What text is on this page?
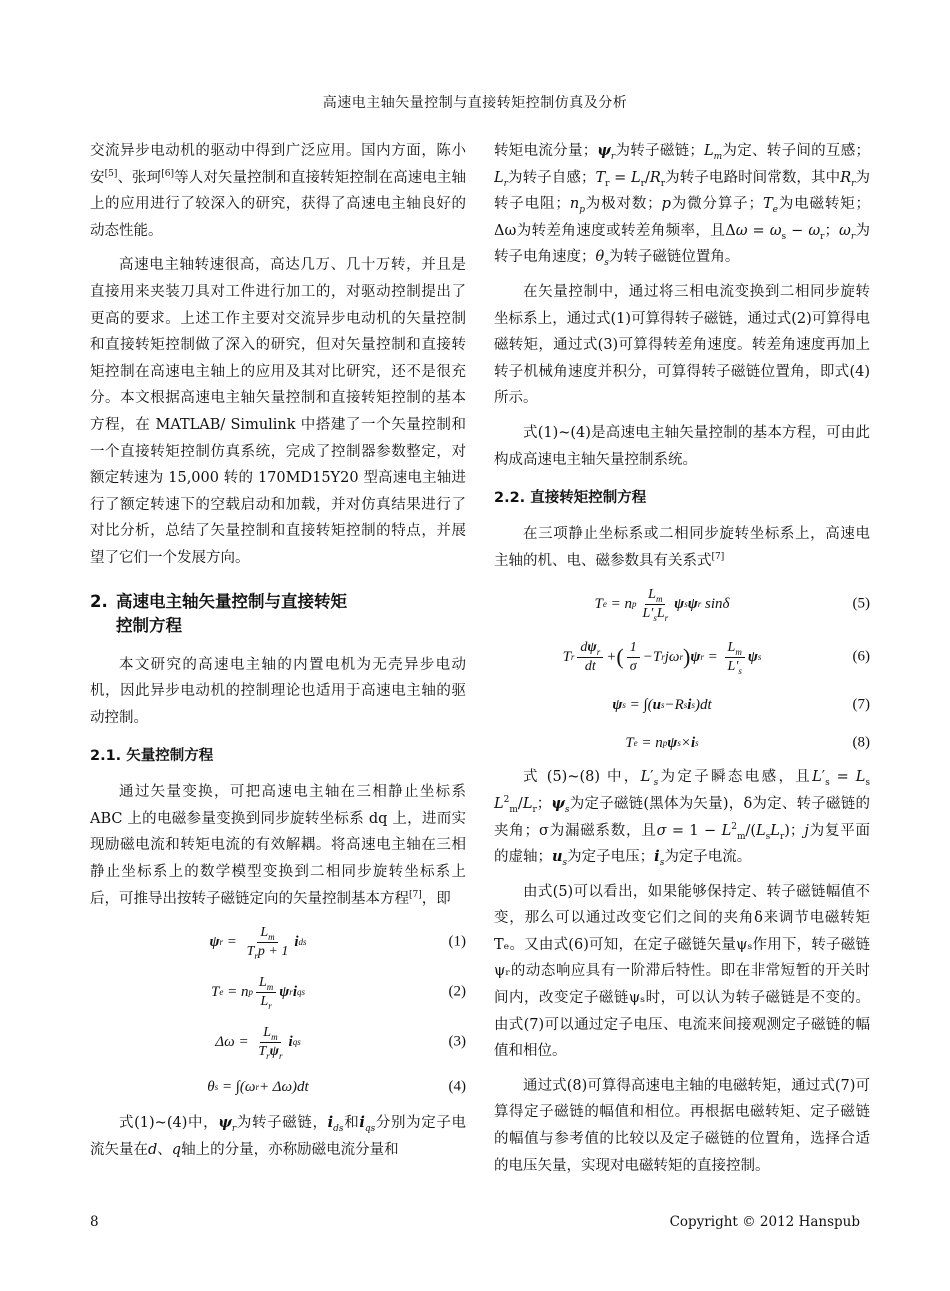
高速电主轴矢量控制与直接转矩控制仿真及分析

交流异步电动机的驱动中得到广泛应用。国内方面，陈小安[5]、张珂[6]等人对矢量控制和直接转矩控制在高速电主轴上的应用进行了较深入的研究，获得了高速电主轴良好的动态性能。

高速电主轴转速很高，高达几万、几十万转，并且是直接用来夹装刀具对工件进行加工的，对驱动控制提出了更高的要求。上述工作主要对交流异步电动机的矢量控制和直接转矩控制做了深入的研究，但对矢量控制和直接转矩控制在高速电主轴上的应用及其对比研究，还不是很充分。本文根据高速电主轴矢量控制和直接转矩控制的基本方程，在 MATLAB/ Simulink 中搭建了一个矢量控制和一个直接转矩控制仿真系统，完成了控制器参数整定，对额定转速为 15,000 转的 170MD15Y20 型高速电主轴进行了额定转速下的空载启动和加载，并对仿真结果进行了对比分析，总结了矢量控制和直接转矩控制的特点，并展望了它们一个发展方向。

2. 高速电主轴矢量控制与直接转矩
控制方程

本文研究的高速电主轴的内置电机为无壳异步电动机，因此异步电动机的控制理论也适用于高速电主轴的驱动控制。

2.1. 矢量控制方程

通过矢量变换，可把高速电主轴在三相静止坐标系 ABC 上的电磁参量变换到同步旋转坐标系 dq 上，进而实现励磁电流和转矩电流的有效解耦。将高速电主轴在三相静止坐标系上的数学模型变换到二相同步旋转坐标系上后，可推导出按转子磁链定向的矢量控制基本方程[7]，即

ψ $r = \frac{L_m}{T_rp + 1}$ i ds	(1)
T e = n p $\frac{L_m}{L_r}$ ψ r i qs	(2)
Δ $\omega = \frac{L_m}{T_r\psi_r}$ i qs	(3)
θ s = ∫( ω r + Δ ω )d t	(4)

式(1)~(4)中，$\psi_r$为转子磁链，$i_{ds}$和$i_{qs}$分别为定子电流矢量在d、q轴上的分量，亦称励磁电流分量和

转矩电流分量；$\psi_r$为转子磁链；$L_m$为定、转子间的互感；$L_r$为转子自感；$T_r = L_r/R_r$为转子电路时间常数，其中$R_r$为转子电阻；$n_p$为极对数；p为微分算子；$T_e$为电磁转矩；Δω为转差角速度或转差角频率，且$\Delta\omega = \omega_s - \omega_r$；$\omega_r$为转子电角速度；$\theta_s$为转子磁链位置角。

在矢量控制中，通过将三相电流变换到二相同步旋转坐标系上，通过式(1)可算得转子磁链，通过式(2)可算得电磁转矩，通过式(3)可算得转差角速度。转差角速度再加上转子机械角速度并积分，可算得转子磁链位置角，即式(4)所示。

式(1)~(4)是高速电主轴矢量控制的基本方程，可由此构成高速电主轴矢量控制系统。

2.2. 直接转矩控制方程

在三项静止坐标系或二相同步旋转坐标系上，高速电主轴的机、电、磁参数具有关系式[7]

T e = n p $\frac{L_m}{L'_sL_r}$ ψ s ψ r sin δ	(5)
T r $\frac{d\psi_r}{dt}$ + ( $\frac{1}{\sigma} - T$ r jω r ) ψ $r = \frac{L_m}{L'_s}$ ψ s	(6)
ψ s = ∫( u s − R s i s )d t	(7)
T e = n p ψ s × i s	(8)

式 (5)~(8) 中，$L'_s$为定子瞬态电感，且$L'_s = L_s$ $L^2_m/L_r$；$\psi_s$为定子磁链(黑体为矢量)，δ为定、转子磁链的夹角；σ为漏磁系数，且$\sigma = 1 - L^2_m/(L_sL_r)$；j为复平面的虚轴；$u_s$为定子电压；$i_s$为定子电流。

由式(5)可以看出，如果能够保持定、转子磁链幅值不变，那么可以通过改变它们之间的夹角δ来调节电磁转矩Tₑ。又由式(6)可知，在定子磁链矢量ψₛ作用下，转子磁链ψᵣ的动态响应具有一阶滞后特性。即在非常短暂的开关时间内，改变定子磁链ψₛ时，可以认为转子磁链是不变的。由式(7)可以通过定子电压、电流来间接观测定子磁链的幅值和相位。

通过式(8)可算得高速电主轴的电磁转矩，通过式(7)可算得定子磁链的幅值和相位。再根据电磁转矩、定子磁链的幅值与参考值的比较以及定子磁链的位置角，选择合适的电压矢量，实现对电磁转矩的直接控制。

8	Copyright © 2012 Hanspub
